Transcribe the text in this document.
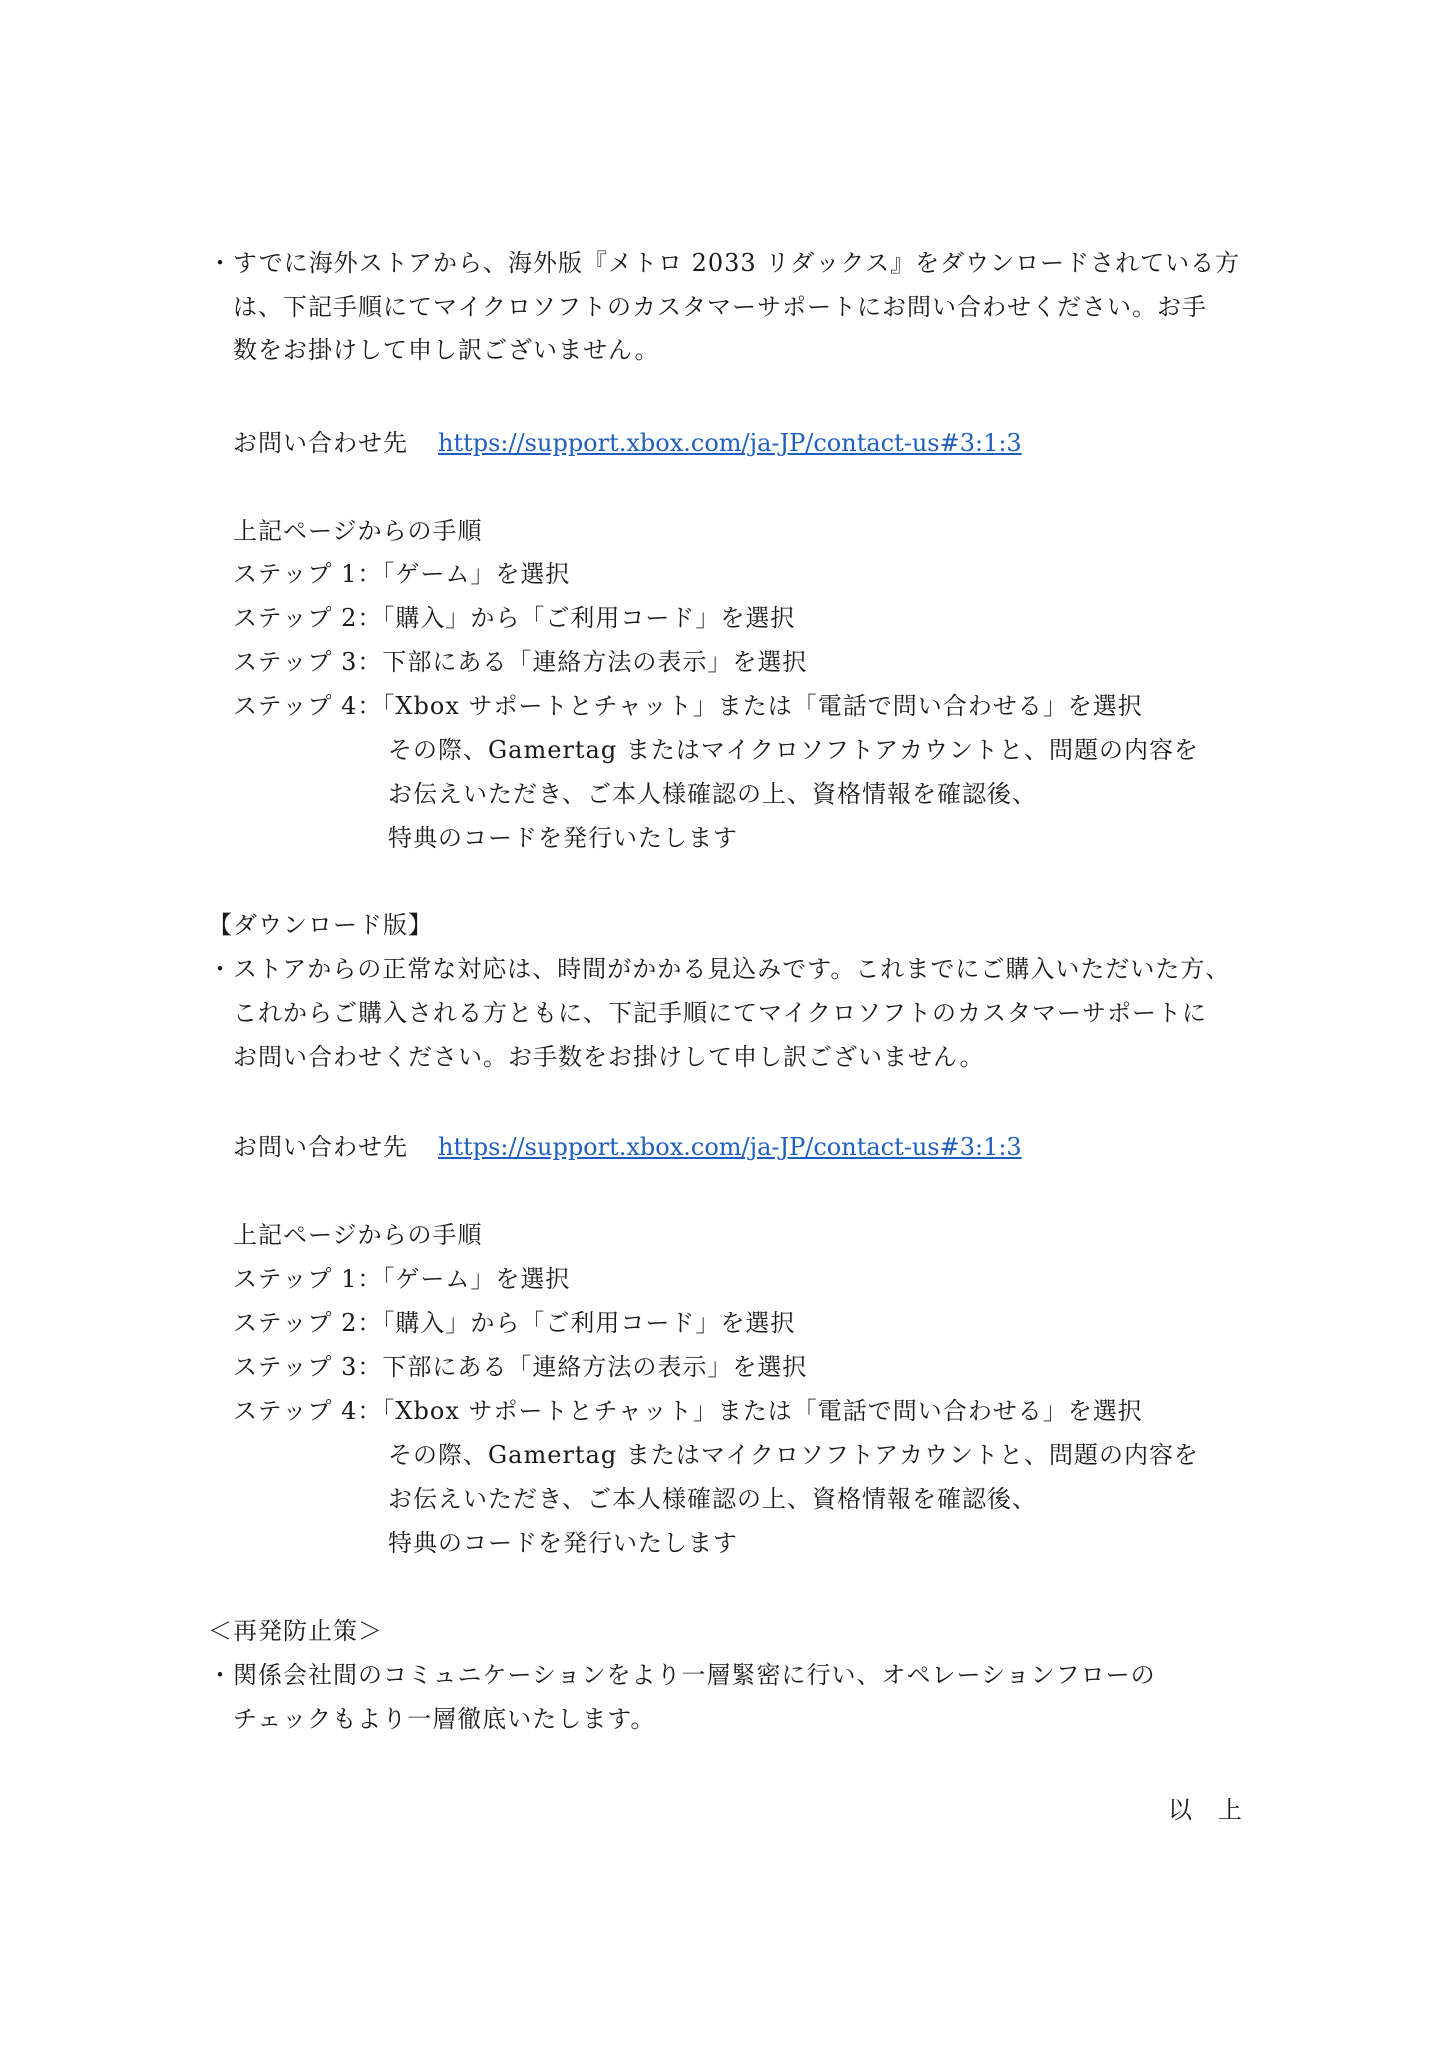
・すでに海外ストアから、海外版『メトロ 2033 リダックス』をダウンロードされている方
は、下記手順にてマイクロソフトのカスタマーサポートにお問い合わせください。お手
数をお掛けして申し訳ございません。
お問い合わせ先 https://support.xbox.com/ja-JP/contact-us#3:1:3
上記ページからの手順
ステップ 1：「ゲーム」を選択
ステップ 2：「購入」から「ご利用コード」を選択
ステップ 3：下部にある「連絡方法の表示」を選択
ステップ 4：「Xbox サポートとチャット」または「電話で問い合わせる」を選択
その際、Gamertag またはマイクロソフトアカウントと、問題の内容を
お伝えいただき、ご本人様確認の上、資格情報を確認後、
特典のコードを発行いたします
【ダウンロード版】
・ストアからの正常な対応は、時間がかかる見込みです。これまでにご購入いただいた方、
これからご購入される方ともに、下記手順にてマイクロソフトのカスタマーサポートに
お問い合わせください。お手数をお掛けして申し訳ございません。
お問い合わせ先 https://support.xbox.com/ja-JP/contact-us#3:1:3
上記ページからの手順
ステップ 1：「ゲーム」を選択
ステップ 2：「購入」から「ご利用コード」を選択
ステップ 3：下部にある「連絡方法の表示」を選択
ステップ 4：「Xbox サポートとチャット」または「電話で問い合わせる」を選択
その際、Gamertag またはマイクロソフトアカウントと、問題の内容を
お伝えいただき、ご本人様確認の上、資格情報を確認後、
特典のコードを発行いたします
＜再発防止策＞
・関係会社間のコミュニケーションをより一層緊密に行い、オペレーションフローの
チェックもより一層徹底いたします。
以　上
